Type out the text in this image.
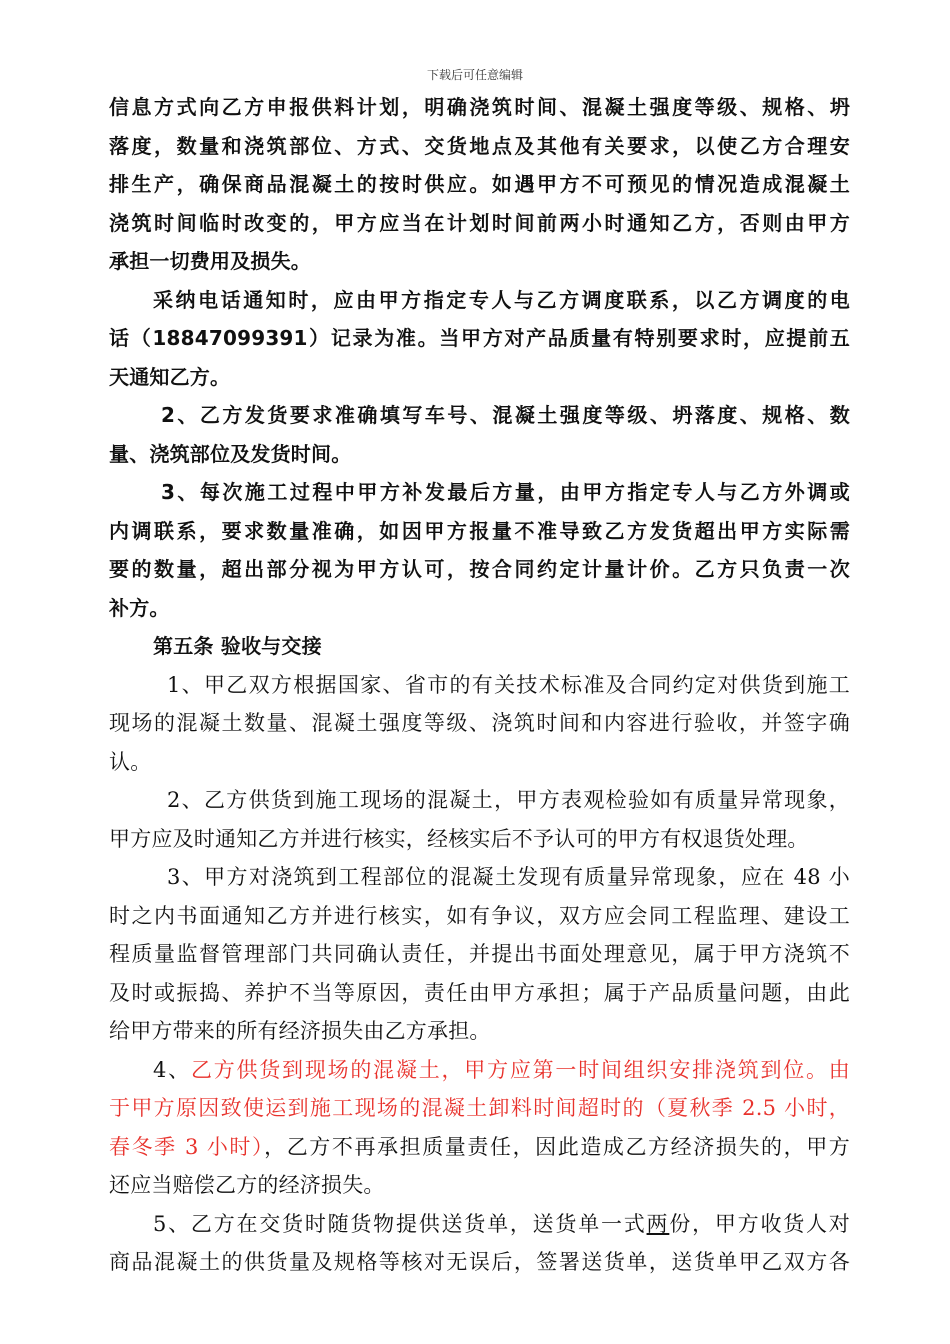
下载后可任意编辑
信息方式向乙方申报供料计划，明确浇筑时间、混凝土强度等级、规格、坍
落度，数量和浇筑部位、方式、交货地点及其他有关要求，以使乙方合理安
排生产，确保商品混凝土的按时供应。如遇甲方不可预见的情况造成混凝土
浇筑时间临时改变的，甲方应当在计划时间前两小时通知乙方，否则由甲方
承担一切费用及损失。
采纳电话通知时，应由甲方指定专人与乙方调度联系，以乙方调度的电
话（18847099391）记录为准。当甲方对产品质量有特别要求时，应提前五
天通知乙方。
2、乙方发货要求准确填写车号、混凝土强度等级、坍落度、规格、数
量、浇筑部位及发货时间。
3、每次施工过程中甲方补发最后方量，由甲方指定专人与乙方外调或
内调联系，要求数量准确，如因甲方报量不准导致乙方发货超出甲方实际需
要的数量，超出部分视为甲方认可，按合同约定计量计价。乙方只负责一次
补方。
第五条 验收与交接
1、甲乙双方根据国家、省市的有关技术标准及合同约定对供货到施工
现场的混凝土数量、混凝土强度等级、浇筑时间和内容进行验收，并签字确
认。
2、乙方供货到施工现场的混凝土，甲方表观检验如有质量异常现象，
甲方应及时通知乙方并进行核实，经核实后不予认可的甲方有权退货处理。
3、甲方对浇筑到工程部位的混凝土发现有质量异常现象，应在 48 小
时之内书面通知乙方并进行核实，如有争议，双方应会同工程监理、建设工
程质量监督管理部门共同确认责任，并提出书面处理意见，属于甲方浇筑不
及时或振捣、养护不当等原因，责任由甲方承担；属于产品质量问题，由此
给甲方带来的所有经济损失由乙方承担。
4、乙方供货到现场的混凝土，甲方应第一时间组织安排浇筑到位。由
于甲方原因致使运到施工现场的混凝土卸料时间超时的（夏秋季 2.5 小时，
春冬季 3 小时），乙方不再承担质量责任，因此造成乙方经济损失的，甲方
还应当赔偿乙方的经济损失。
5、乙方在交货时随货物提供送货单，送货单一式两份，甲方收货人对
商品混凝土的供货量及规格等核对无误后，签署送货单，送货单甲乙双方各
